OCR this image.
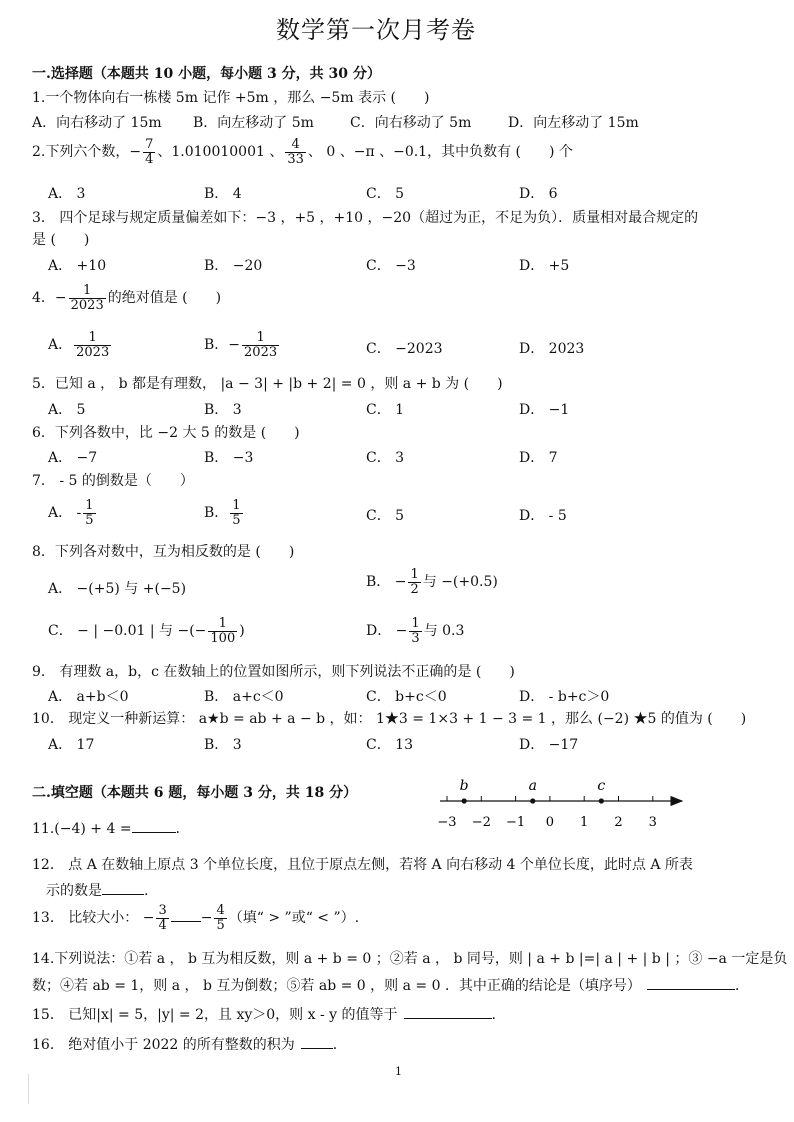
数学第一次月考卷
一.选择题（本题共 10 小题，每小题 3 分，共 30 分）
1.一个物体向右一栋楼 5m 记作 +5m ，那么 −5m 表示 (　　)
A．向右移动了 15m B．向左移动了 5m	C．向右移动了 5m	D．向左移动了 15m
2.下列六个数，− $\frac{7}{4}$ 、1.010010001 、 $\frac{4}{33}$ 、 0 、−π 、−0.1，其中负数有 (　　) 个
A． 3	B． 4	C． 5	D． 6
3． 四个足球与规定质量偏差如下：−3 ，+5 ，+10 ，−20（超过为正，不足为负）．质量相对最合规定的
是 (　　)
A． +10	B． −20	C． −3	D． +5
4．− $\frac{1}{2023}$ 的绝对值是 (　　)
A． $\frac{1}{2023}$	B．− $\frac{1}{2023}$	C． −2023	D． 2023
5．已知 a ， b 都是有理数， |a − 3| + |b + 2| = 0 ，则 a + b 为 (　　)
A． 5	B． 3	C． 1	D． −1
6．下列各数中，比 −2 大 5 的数是 (　　)
A． −7	B． −3	C． 3	D． 7
7． - 5 的倒数是（　　）
A． - $\frac{1}{5}$	B． $\frac{1}{5}$	C． 5	D． - 5
8．下列各对数中，互为相反数的是 (　　)
A． −(+5) 与 +(−5)	B． − $\frac{1}{2}$ 与 −(+0.5)
C． − | −0.01 | 与 −(− $\frac{1}{100}$ )	D． − $\frac{1}{3}$ 与 0.3
9． 有理数 a，b，c 在数轴上的位置如图所示，则下列说法不正确的是 (　　)
A． a+b＜0	B． a+c＜0	C． b+c＜0	D． - b+c＞0
10． 现定义一种新运算： a★b = ab + a − b ，如： 1★3 = 1×3 + 1 − 3 = 1 ，那么 (−2) ★5 的值为 (　　)
A． 17	B． 3	C． 13	D． −17
二.填空题（本题共 6 题，每小题 3 分，共 18 分）
−3 −2 −1 0 1 2 3
b	a	c
11.(−4) + 4 =	.
12． 点 A 在数轴上原点 3 个单位长度，且位于原点左侧，若将 A 向右移动 4 个单位长度，此时点 A 所表
示的数是	.
13． 比较大小： − $\frac{3}{4} - \frac{4}{5}$ （填“ > ”或“ < ”）.
14.下列说法：①若 a ， b 互为相反数，则 a + b = 0 ；②若 a ， b 同号，则 | a + b |=| a | + | b | ；③ −a 一定是负
数；④若 ab = 1，则 a ， b 互为倒数；⑤若 ab = 0 ，则 a = 0 ．其中正确的结论是（填序号）	．
15． 已知|x| = 5，|y| = 2，且 xy＞0，则 x - y 的值等于	.
16． 绝对值小于 2022 的所有整数的积为	.
1
